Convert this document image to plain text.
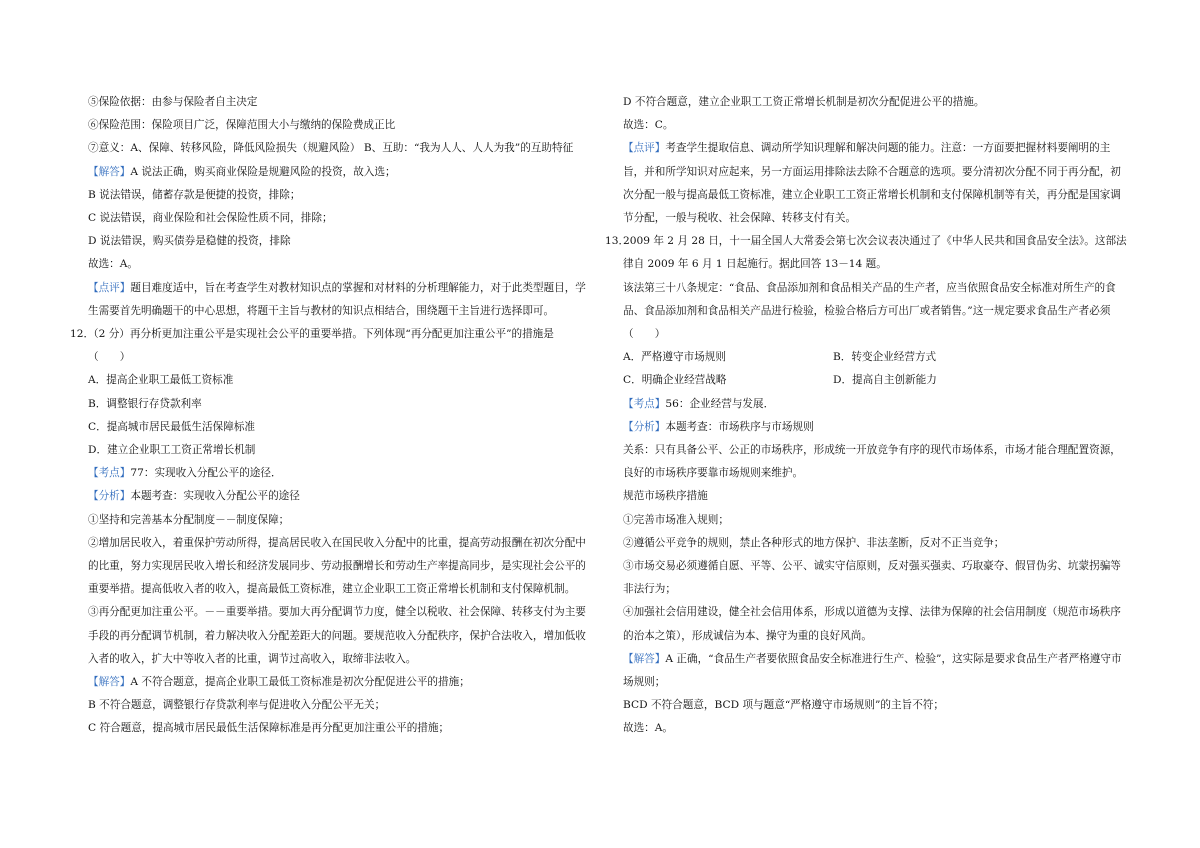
⑤保险依据：由参与保险者自主决定
⑥保险范围：保险项目广泛，保障范围大小与缴纳的保险费成正比
⑦意义：A、保障、转移风险，降低风险损失（规避风险） B、互助：“我为人人、人人为我”的互助特征
【解答】A 说法正确，购买商业保险是规避风险的投资，故入选；
B 说法错误，储蓄存款是便捷的投资，排除；
C 说法错误，商业保险和社会保险性质不同，排除；
D 说法错误，购买债券是稳健的投资，排除
故选：A。
【点评】题目难度适中，旨在考查学生对教材知识点的掌握和对材料的分析理解能力，对于此类型题目，学
生需要首先明确题干的中心思想，将题干主旨与教材的知识点相结合，围绕题干主旨进行选择即可。
12．
（2 分）再分析更加注重公平是实现社会公平的重要举措。下列体现“再分配更加注重公平”的措施是
（　　）
A．提高企业职工最低工资标准
B．调整银行存贷款利率
C．提高城市居民最低生活保障标准
D．建立企业职工工资正常增长机制
【考点】77：实现收入分配公平的途径．
【分析】本题考查：实现收入分配公平的途径
①坚持和完善基本分配制度－－制度保障；
②增加居民收入，着重保护劳动所得，提高居民收入在国民收入分配中的比重，提高劳动报酬在初次分配中
的比重，努力实现居民收入增长和经济发展同步、劳动报酬增长和劳动生产率提高同步，是实现社会公平的
重要举措。提高低收入者的收入，提高最低工资标准，建立企业职工工资正常增长机制和支付保障机制。
③再分配更加注重公平。－－重要举措。要加大再分配调节力度，健全以税收、社会保障、转移支付为主要
手段的再分配调节机制，着力解决收入分配差距大的问题。要规范收入分配秩序，保护合法收入，增加低收
入者的收入，扩大中等收入者的比重，调节过高收入，取缔非法收入。
【解答】A 不符合题意，提高企业职工最低工资标准是初次分配促进公平的措施；
B 不符合题意，调整银行存贷款利率与促进收入分配公平无关；
C 符合题意，提高城市居民最低生活保障标准是再分配更加注重公平的措施；
D 不符合题意，建立企业职工工资正常增长机制是初次分配促进公平的措施。
故选：C。
【点评】考查学生提取信息、调动所学知识理解和解决问题的能力。注意：一方面要把握材料要阐明的主
旨，并和所学知识对应起来，另一方面运用排除法去除不合题意的选项。要分清初次分配不同于再分配，初
次分配一般与提高最低工资标准，建立企业职工工资正常增长机制和支付保障机制等有关，再分配是国家调
节分配，一般与税收、社会保障、转移支付有关。
13．
2009 年 2 月 28 日，十一届全国人大常委会第七次会议表决通过了《中华人民共和国食品安全法》。这部法
律自 2009 年 6 月 1 日起施行。据此回答 13－14 题。
该法第三十八条规定：“食品、食品添加剂和食品相关产品的生产者，应当依照食品安全标准对所生产的食
品、食品添加剂和食品相关产品进行检验，检验合格后方可出厂或者销售。”这一规定要求食品生产者必须
（　　）
A．严格遵守市场规则	B．转变企业经营方式
C．明确企业经营战略	D．提高自主创新能力
【考点】56：企业经营与发展．
【分析】本题考查：市场秩序与市场规则
关系：只有具备公平、公正的市场秩序，形成统一开放竞争有序的现代市场体系，市场才能合理配置资源，
良好的市场秩序要靠市场规则来维护。
规范市场秩序措施
①完善市场准入规则；
②遵循公平竞争的规则，禁止各种形式的地方保护、非法垄断，反对不正当竞争；
③市场交易必须遵循自愿、平等、公平、诚实守信原则，反对强买强卖、巧取豪夺、假冒伪劣、坑蒙拐骗等
非法行为；
④加强社会信用建设，健全社会信用体系，形成以道德为支撑、法律为保障的社会信用制度（规范市场秩序
的治本之策），形成诚信为本、操守为重的良好风尚。
【解答】A 正确，“食品生产者要依照食品安全标准进行生产、检验”，这实际是要求食品生产者严格遵守市
场规则；
BCD 不符合题意，BCD 项与题意“严格遵守市场规则”的主旨不符；
故选：A。
